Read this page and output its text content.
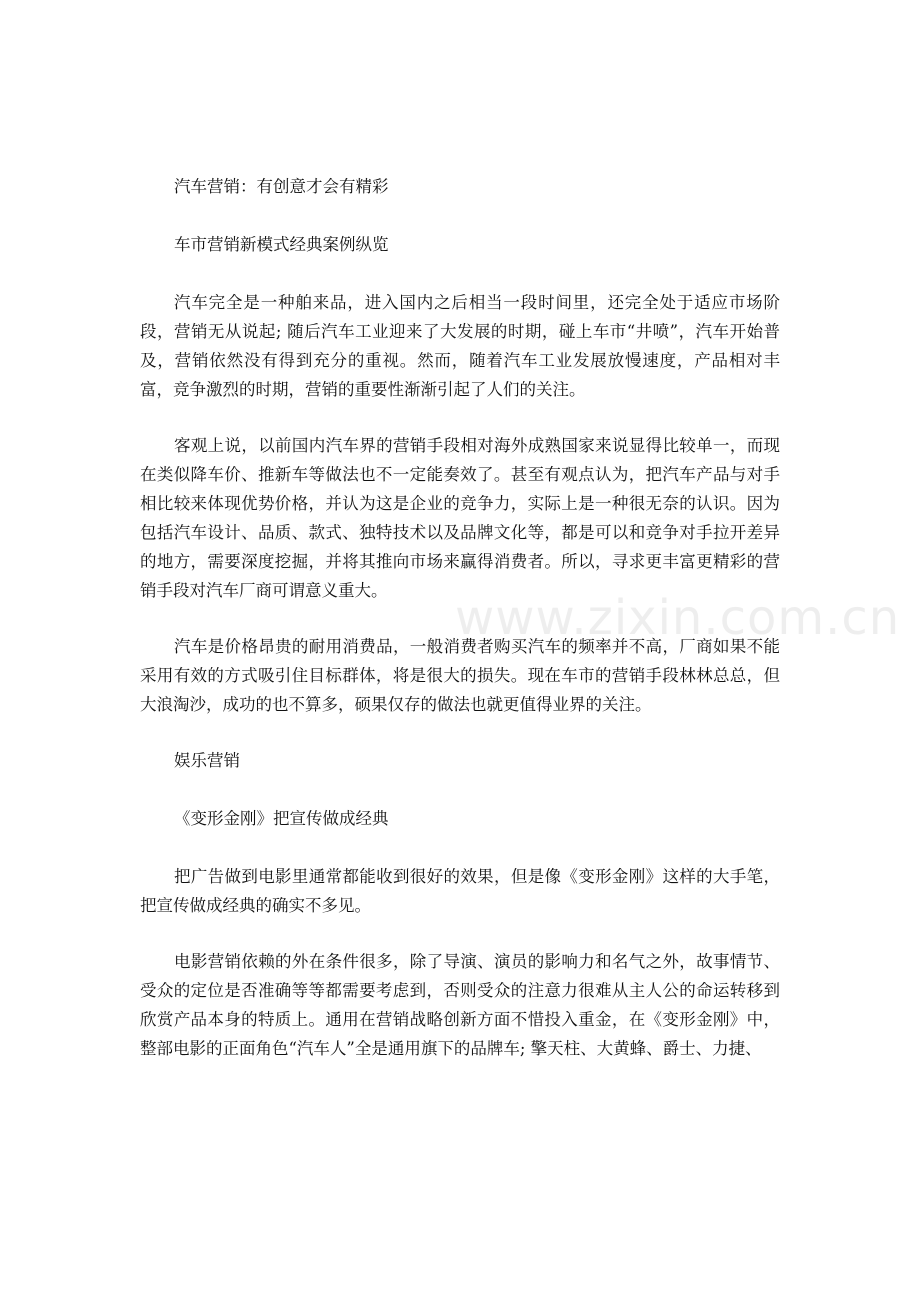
汽车营销：有创意才会有精彩

车市营销新模式经典案例纵览

汽车完全是一种舶来品，进入国内之后相当一段时间里，还完全处于适应市场阶段，营销无从说起; 随后汽车工业迎来了大发展的时期，碰上车市“井喷”，汽车开始普及，营销依然没有得到充分的重视。然而，随着汽车工业发展放慢速度，产品相对丰富，竞争激烈的时期，营销的重要性渐渐引起了人们的关注。

客观上说，以前国内汽车界的营销手段相对海外成熟国家来说显得比较单一，而现在类似降车价、推新车等做法也不一定能奏效了。甚至有观点认为，把汽车产品与对手相比较来体现优势价格，并认为这是企业的竞争力，实际上是一种很无奈的认识。因为包括汽车设计、品质、款式、独特技术以及品牌文化等，都是可以和竞争对手拉开差异的地方，需要深度挖掘，并将其推向市场来赢得消费者。所以，寻求更丰富更精彩的营销手段对汽车厂商可谓意义重大。

汽车是价格昂贵的耐用消费品，一般消费者购买汽车的频率并不高，厂商如果不能采用有效的方式吸引住目标群体，将是很大的损失。现在车市的营销手段林林总总，但大浪淘沙，成功的也不算多，硕果仅存的做法也就更值得业界的关注。

娱乐营销

《变形金刚》把宣传做成经典

把广告做到电影里通常都能收到很好的效果，但是像《变形金刚》这样的大手笔，把宣传做成经典的确实不多见。

电影营销依赖的外在条件很多，除了导演、演员的影响力和名气之外，故事情节、受众的定位是否准确等等都需要考虑到，否则受众的注意力很难从主人公的命运转移到欣赏产品本身的特质上。通用在营销战略创新方面不惜投入重金，在《变形金刚》中，整部电影的正面角色“汽车人”全是通用旗下的品牌车; 擎天柱、大黄蜂、爵士、力捷、

www.zixin.com.cn
